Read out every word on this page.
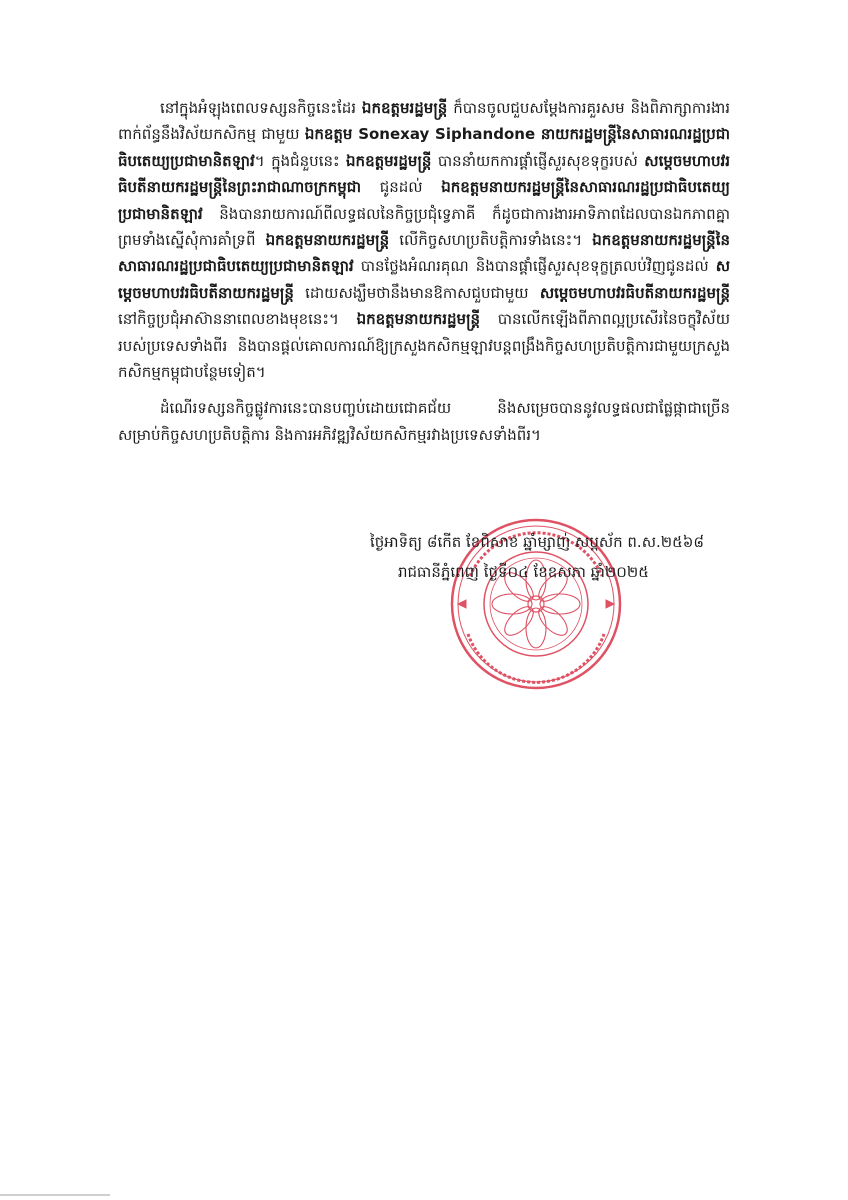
នៅក្នុងអំឡុងពេលទស្សនកិច្ចនេះដែរ ឯកឧត្តមរដ្ឋមន្ត្រី ក៏បានចូលជួបសម្តែងការគួរសម និងពិភាក្សាការងារពាក់ព័ន្ធនឹងវិស័យកសិកម្ម ជាមួយ ឯកឧត្តម Sonexay Siphandone នាយករដ្ឋមន្ត្រីនៃសាធារណរដ្ឋប្រជាធិបតេយ្យប្រជាមានិតឡាវ។ ក្នុងជំនួបនេះ ឯកឧត្តមរដ្ឋមន្ត្រី បាននាំយកការផ្តាំផ្ញើសួរសុខទុក្ខរបស់ សម្តេចមហាបវរធិបតីនាយករដ្ឋមន្ត្រីនៃព្រះរាជាណាចក្រកម្ពុជា ជូនដល់ ឯកឧត្តមនាយករដ្ឋមន្ត្រីនៃសាធារណរដ្ឋប្រជាធិបតេយ្យប្រជាមានិតឡាវ និងបានរាយការណ៍ពីលទ្ធផលនៃកិច្ចប្រជុំទ្វេភាគី ក៏ដូចជាការងារអាទិភាពដែលបានឯកភាពគ្នា ព្រមទាំងស្នើសុំការគាំទ្រពី ឯកឧត្តមនាយករដ្ឋមន្ត្រី លើកិច្ចសហប្រតិបត្តិការទាំងនេះ។ ឯកឧត្តមនាយករដ្ឋមន្ត្រីនៃសាធារណរដ្ឋប្រជាធិបតេយ្យប្រជាមានិតឡាវ បានថ្លែងអំណរគុណ និងបានផ្តាំផ្ញើសួរសុខទុក្ខត្រលប់វិញជូនដល់ សម្តេចមហាបវរធិបតីនាយករដ្ឋមន្ត្រី ដោយសង្ឃឹមថានឹងមានឱកាសជួបជាមួយ សម្តេចមហាបវរធិបតីនាយករដ្ឋមន្ត្រី នៅកិច្ចប្រជុំអាស៊ាននាពេលខាងមុខនេះ។ ឯកឧត្តមនាយករដ្ឋមន្ត្រី បានលើកឡើងពីភាពល្អប្រសើរនៃចក្ខុវិស័យរបស់ប្រទេសទាំងពីរ និងបានផ្តល់គោលការណ៍ឱ្យក្រសួងកសិកម្មឡាវបន្តពង្រឹងកិច្ចសហប្រតិបត្តិការជាមួយក្រសួងកសិកម្មកម្ពុជាបន្ថែមទៀត។

ដំណើរទស្សនកិច្ចផ្លូវការនេះបានបញ្ចប់ដោយជោគជ័យ និងសម្រេចបាននូវលទ្ធផលជាផ្លែផ្កាជាច្រើនសម្រាប់កិច្ចសហប្រតិបត្តិការ និងការអភិវឌ្ឍវិស័យកសិកម្មរវាងប្រទេសទាំងពីរ។

ថ្ងៃអាទិត្យ ៨កើត ខែពិសាខ ឆ្នាំម្សាញ់ សប្តស័ក ព.ស.២៥៦៨
រាជធានីភ្នំពេញ ថ្ងៃទី០៤ ខែឧសភា ឆ្នាំ២០២៥
